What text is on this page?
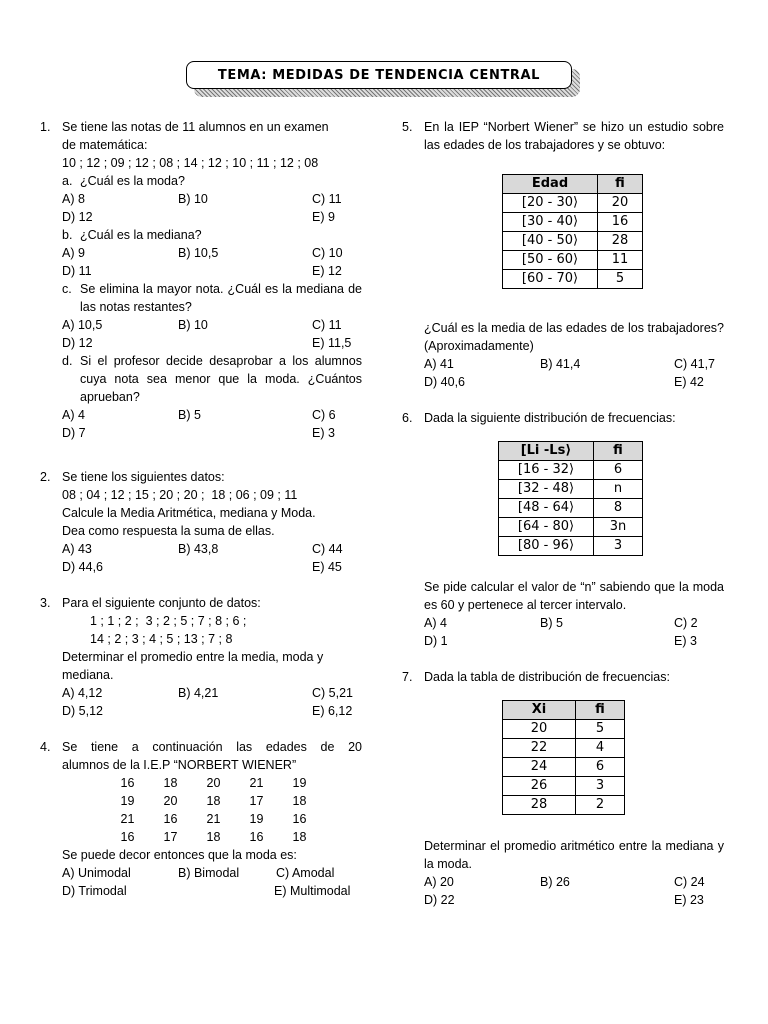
TEMA: MEDIDAS DE TENDENCIA CENTRAL
1. Se tiene las notas de 11 alumnos en un examen
de matemática:
10 ; 12 ; 09 ; 12 ; 08 ; 14 ; 12 ; 10 ; 11 ; 12 ; 08
a. ¿Cuál es la moda?
A) 8	B) 10	C) 11
D) 12	E) 9
b. ¿Cuál es la mediana?
A) 9	B) 10,5	C) 10
D) 11	E) 12
c. Se elimina la mayor nota. ¿Cuál es la mediana de las notas restantes?
A) 10,5	B) 10	C) 11
D) 12	E) 11,5
d. Si el profesor decide desaprobar a los alumnos cuya nota sea menor que la moda. ¿Cuántos aprueban?
A) 4	B) 5	C) 6
D) 7	E) 3
2. Se tiene los siguientes datos:
08 ; 04 ; 12 ; 15 ; 20 ; 20 ;  18 ; 06 ; 09 ; 11
Calcule la Media Aritmética, mediana y Moda.
Dea como respuesta la suma de ellas.
A) 43	B) 43,8	C) 44
D) 44,6	E) 45
3. Para el siguiente conjunto de datos:
1 ; 1 ; 2 ;  3 ; 2 ; 5 ; 7 ; 8 ; 6 ;
14 ; 2 ; 3 ; 4 ; 5 ; 13 ; 7 ; 8
Determinar el promedio entre la media, moda y
mediana.
A) 4,12	B) 4,21	C) 5,21
D) 5,12	E) 6,12
4. Se tiene a continuación las edades de 20
alumnos de la I.E.P “NORBERT WIENER”
16	18	20	21	19
19	20	18	17	18
21	16	21	19	16
16	17	18	16	18
Se puede decor entonces que la moda es:
A) Unimodal	B) Bimodal	C) Amodal
D) Trimodal	E) Multimodal
5. En la IEP “Norbert Wiener” se hizo un estudio sobre las edades de los trabajadores y se obtuvo:
Edad	fi
[20 - 30⟩	20
[30 - 40⟩	16
[40 - 50⟩	28
[50 - 60⟩	11
[60 - 70⟩	5
¿Cuál es la media de las edades de los trabajadores? (Aproximadamente)
A) 41	B) 41,4	C) 41,7
D) 40,6	E) 42
6. Dada la siguiente distribución de frecuencias:
[Li -Ls⟩	fi
[16 - 32⟩	6
[32 - 48⟩	n
[48 - 64⟩	8
[64 - 80⟩	3n
[80 - 96⟩	3
Se pide calcular el valor de “n” sabiendo que la moda es 60 y pertenece al tercer intervalo.
A) 4	B) 5	C) 2
D) 1	E) 3
7. Dada la tabla de distribución de frecuencias:
Xi	fi
20	5
22	4
24	6
26	3
28	2
Determinar el promedio aritmético entre la mediana y la moda.
A) 20	B) 26	C) 24
D) 22	E) 23
